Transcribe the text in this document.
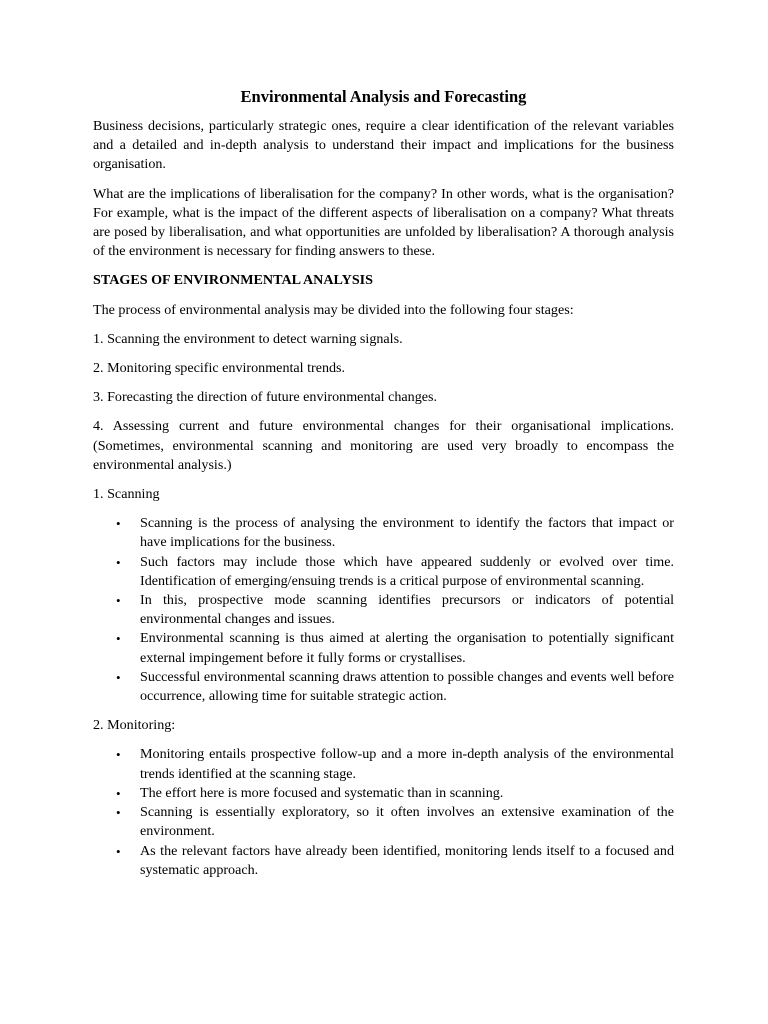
Environmental Analysis and Forecasting

Business decisions, particularly strategic ones, require a clear identification of the relevant variables and a detailed and in-depth analysis to understand their impact and implications for the business organisation.

What are the implications of liberalisation for the company? In other words, what is the organisation? For example, what is the impact of the different aspects of liberalisation on a company? What threats are posed by liberalisation, and what opportunities are unfolded by liberalisation? A thorough analysis of the environment is necessary for finding answers to these.

STAGES OF ENVIRONMENTAL ANALYSIS

The process of environmental analysis may be divided into the following four stages:

1. Scanning the environment to detect warning signals.

2. Monitoring specific environmental trends.

3. Forecasting the direction of future environmental changes.

4. Assessing current and future environmental changes for their organisational implications. (Sometimes, environmental scanning and monitoring are used very broadly to encompass the environmental analysis.)

1. Scanning

• Scanning is the process of analysing the environment to identify the factors that impact or have implications for the business.
• Such factors may include those which have appeared suddenly or evolved over time. Identification of emerging/ensuing trends is a critical purpose of environmental scanning.
• In this, prospective mode scanning identifies precursors or indicators of potential environmental changes and issues.
• Environmental scanning is thus aimed at alerting the organisation to potentially significant external impingement before it fully forms or crystallises.
• Successful environmental scanning draws attention to possible changes and events well before occurrence, allowing time for suitable strategic action.

2. Monitoring:

• Monitoring entails prospective follow-up and a more in-depth analysis of the environmental trends identified at the scanning stage.
• The effort here is more focused and systematic than in scanning.
• Scanning is essentially exploratory, so it often involves an extensive examination of the environment.
• As the relevant factors have already been identified, monitoring lends itself to a focused and systematic approach.
